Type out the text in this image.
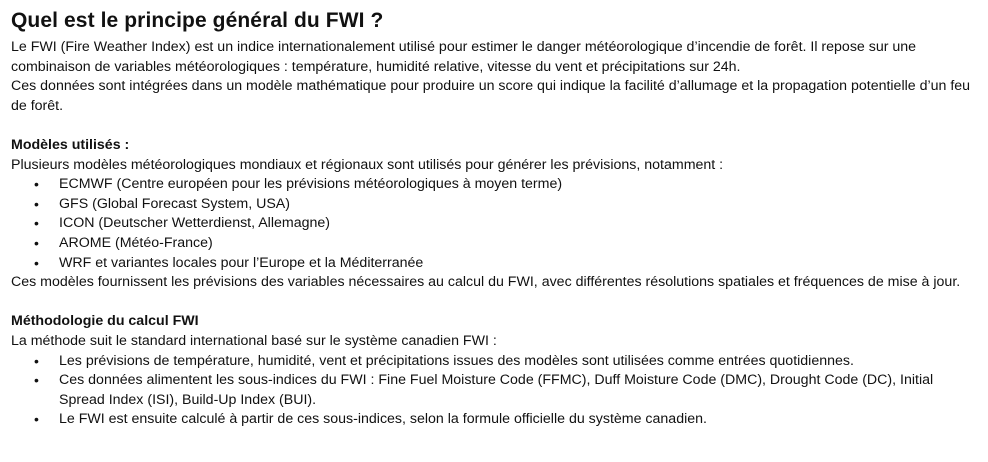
Quel est le principe général du FWI ?

Le FWI (Fire Weather Index) est un indice internationalement utilisé pour estimer le danger météorologique d’incendie de forêt. Il repose sur une combinaison de variables météorologiques : température, humidité relative, vitesse du vent et précipitations sur 24h.

Ces données sont intégrées dans un modèle mathématique pour produire un score qui indique la facilité d’allumage et la propagation potentielle d’un feu de forêt.

Modèles utilisés :

Plusieurs modèles météorologiques mondiaux et régionaux sont utilisés pour générer les prévisions, notamment :

• ECMWF (Centre européen pour les prévisions météorologiques à moyen terme)
• GFS (Global Forecast System, USA)
• ICON (Deutscher Wetterdienst, Allemagne)
• AROME (Météo-France)
• WRF et variantes locales pour l’Europe et la Méditerranée

Ces modèles fournissent les prévisions des variables nécessaires au calcul du FWI, avec différentes résolutions spatiales et fréquences de mise à jour.

Méthodologie du calcul FWI

La méthode suit le standard international basé sur le système canadien FWI :

• Les prévisions de température, humidité, vent et précipitations issues des modèles sont utilisées comme entrées quotidiennes.
• Ces données alimentent les sous-indices du FWI : Fine Fuel Moisture Code (FFMC), Duff Moisture Code (DMC), Drought Code (DC), Initial Spread Index (ISI), Build-Up Index (BUI).
• Le FWI est ensuite calculé à partir de ces sous-indices, selon la formule officielle du système canadien.
